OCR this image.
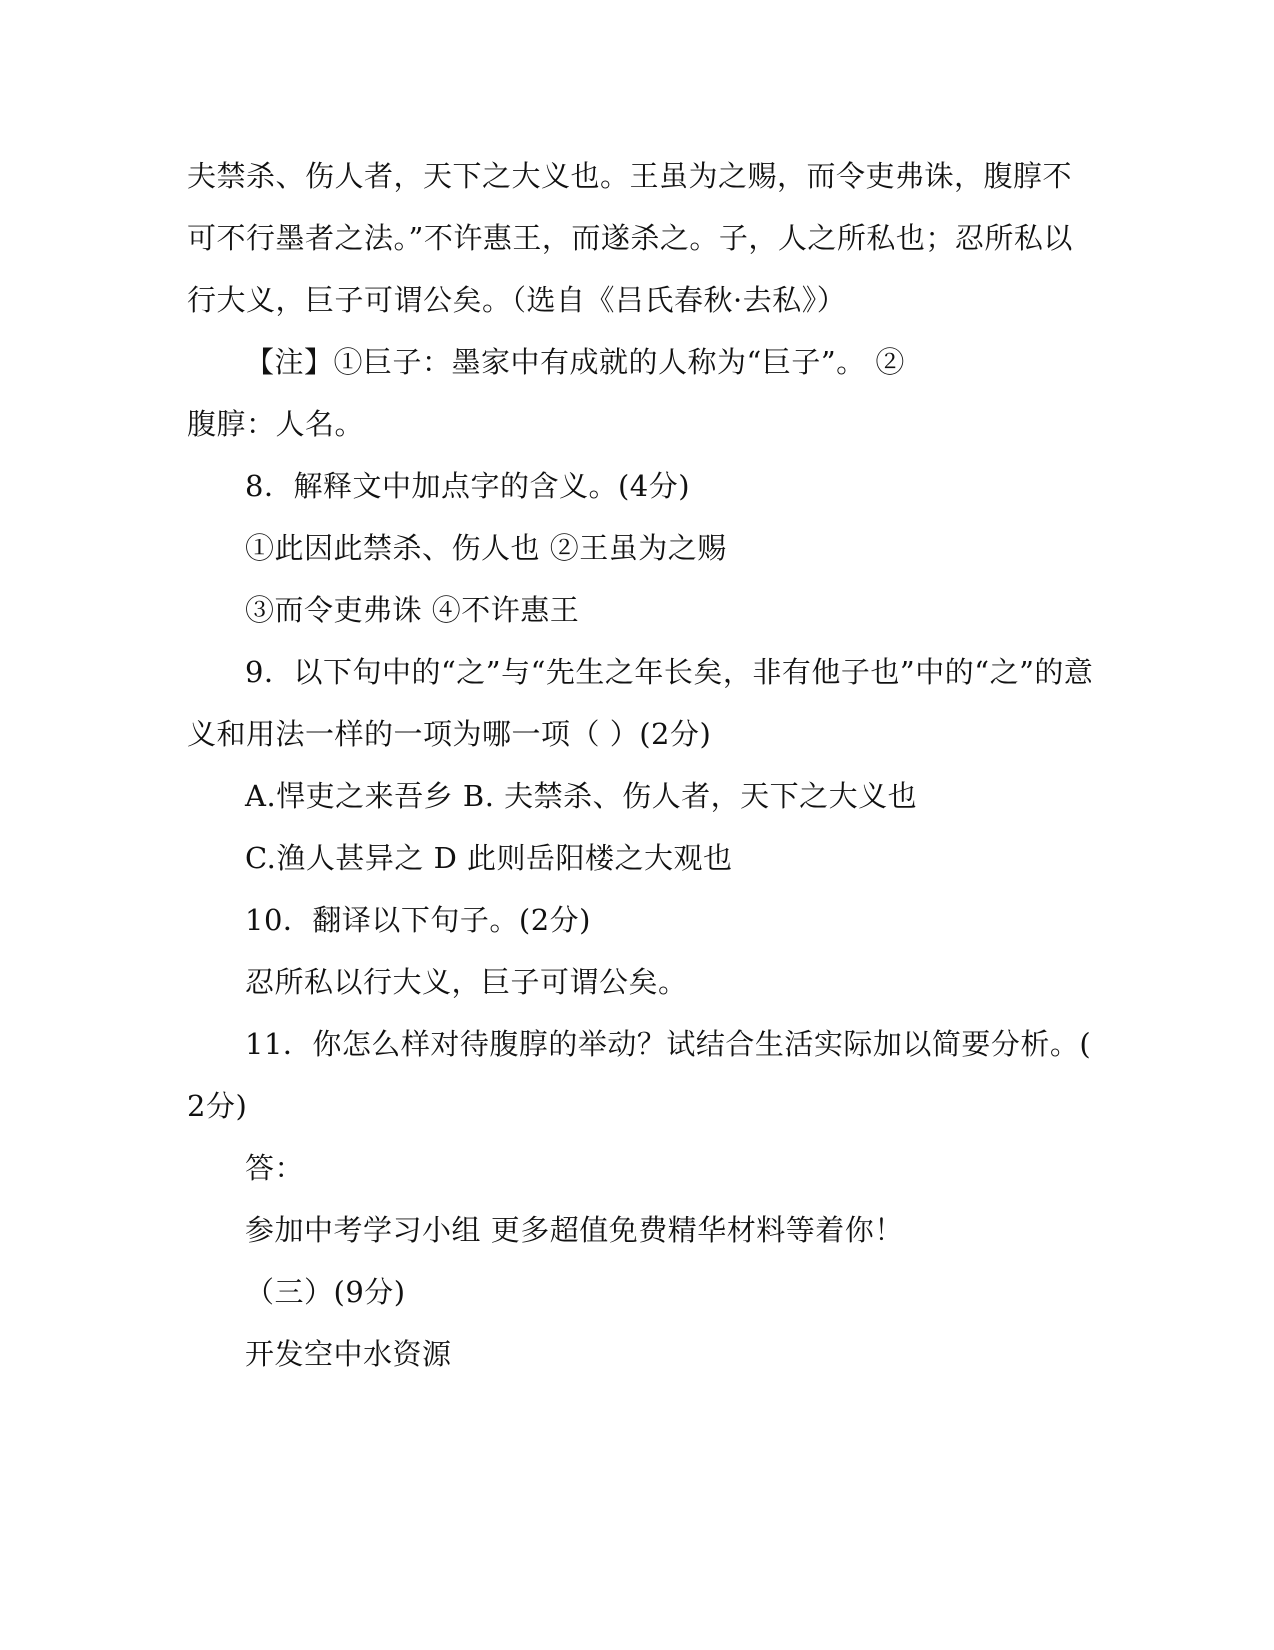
夫禁杀、伤人者，天下之大义也。王虽为之赐，而令吏弗诛，腹朜不
可不行墨者之法。”不许惠王，而遂杀之。子，人之所私也；忍所私以
行大义，巨子可谓公矣。（选自《吕氏春秋·去私》）
【注】①巨子：墨家中有成就的人称为“巨子”。 ②
腹朜：人名。
8．解释文中加点字的含义。(4分)
①此因此禁杀、伤人也 ②王虽为之赐
③而令吏弗诛 ④不许惠王
9．以下句中的“之”与“先生之年长矣，非有他子也”中的“之”的意
义和用法一样的一项为哪一项（ ）(2分)
A.悍吏之来吾乡 B. 夫禁杀、伤人者，天下之大义也
C.渔人甚异之 D 此则岳阳楼之大观也
10．翻译以下句子。(2分)
忍所私以行大义，巨子可谓公矣。
11．你怎么样对待腹朜的举动？试结合生活实际加以简要分析。(
2分)
答：
参加中考学习小组 更多超值免费精华材料等着你！
（三）(9分)
开发空中水资源
